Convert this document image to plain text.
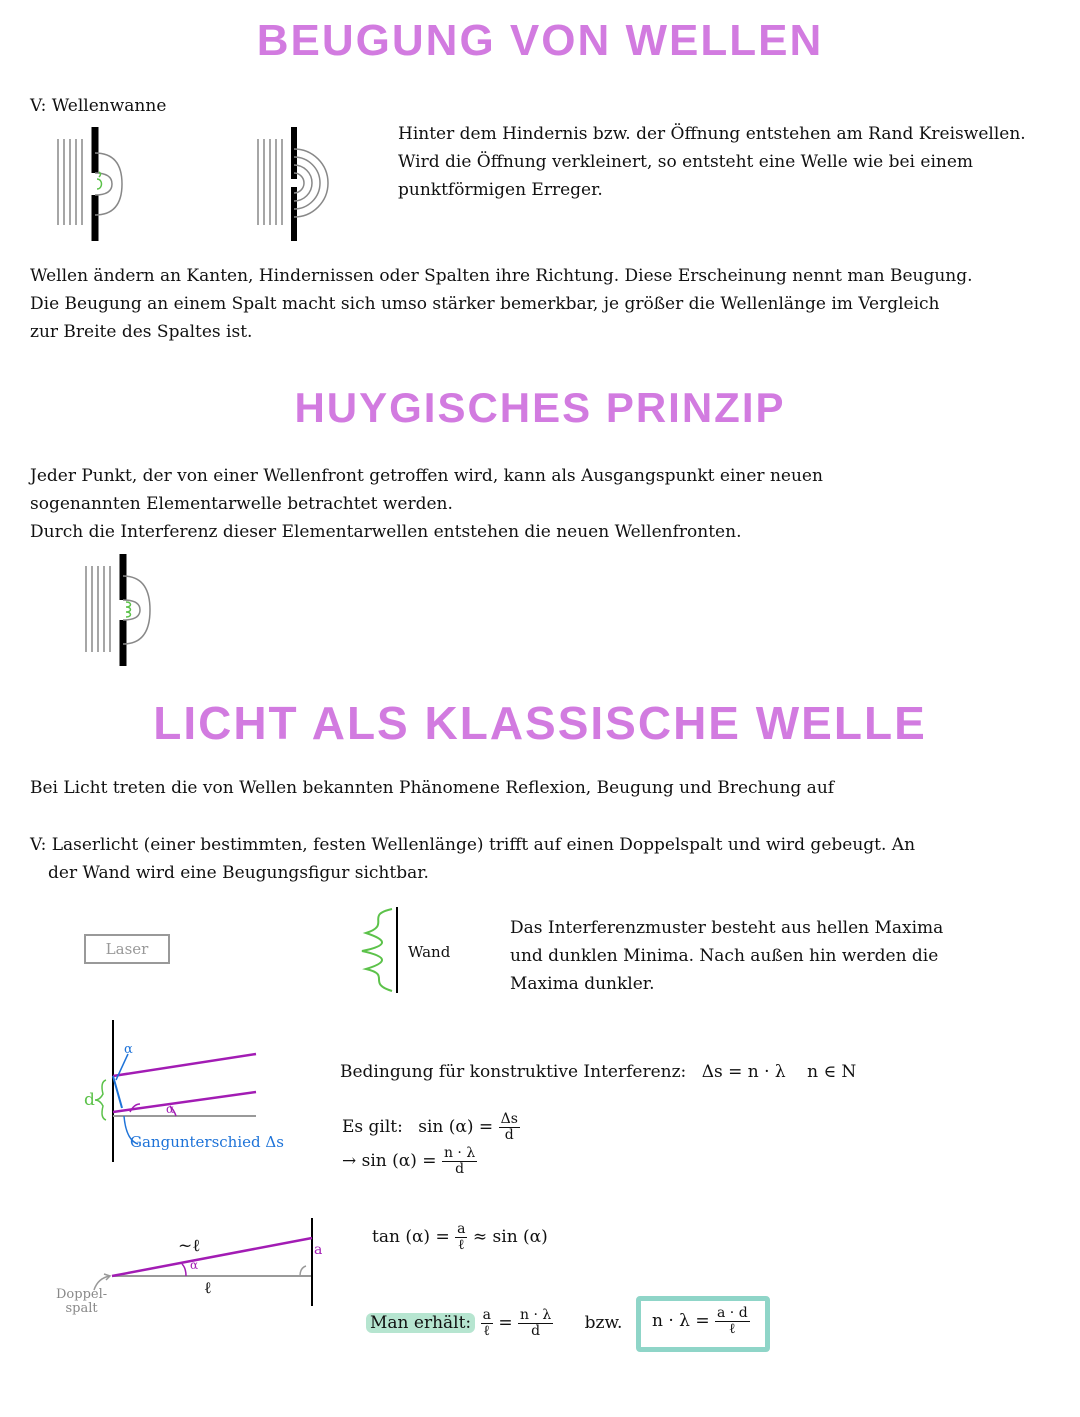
BEUGUNG VON WELLEN
V: Wellenwanne
Hinter dem Hindernis bzw. der Öffnung entstehen am Rand Kreiswellen.
Wird die Öffnung verkleinert, so entsteht eine Welle wie bei einem
punktförmigen Erreger.
Wellen ändern an Kanten, Hindernissen oder Spalten ihre Richtung. Diese Erscheinung nennt man Beugung.
Die Beugung an einem Spalt macht sich umso stärker bemerkbar, je größer die Wellenlänge im Vergleich
zur Breite des Spaltes ist.
HUYGISCHES PRINZIP
Jeder Punkt, der von einer Wellenfront getroffen wird, kann als Ausgangspunkt einer neuen
sogenannten Elementarwelle betrachtet werden.
Durch die Interferenz dieser Elementarwellen entstehen die neuen Wellenfronten.
LICHT ALS KLASSISCHE WELLE
Bei Licht treten die von Wellen bekannten Phänomene Reflexion, Beugung und Brechung auf
V: Laserlicht (einer bestimmten, festen Wellenlänge) trifft auf einen Doppelspalt und wird gebeugt. An
der Wand wird eine Beugungsfigur sichtbar.
Laser	Wand
Das Interferenzmuster besteht aus hellen Maxima
und dunklen Minima. Nach außen hin werden die
Maxima dunkler.
d
α
α
Gangunterschied Δs
Bedingung für konstruktive Interferenz: Δs = n · λ n ∈ N
Es gilt: $\sin (\alpha) = \frac{\Delta s}{d}$
→ $\sin (\alpha) = \frac{n \cdot \lambda}{d}$
~ℓ
α
ℓ
a
Doppel-
spalt
$\tan (\alpha) = \frac{a}{\text{ℓ}} \approx \sin (\alpha)$
Man erhält: $\frac{a}{\text{ℓ}} = \frac{n \cdot \lambda}{d}$ bzw. $n \cdot \lambda = \frac{a \cdot d}{\text{ℓ}}$
